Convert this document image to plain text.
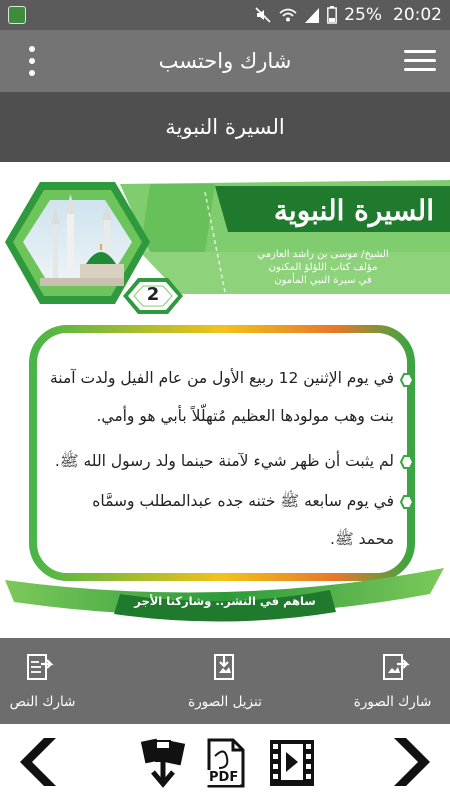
25% 20:02
شارك واحتسب
السيرة النبوية
السيرة النبوية
الشيخ/ موسى بن راشد العازمي
مؤلف كتاب اللؤلؤ المكنون
في سيرة النبي المأمون
2
في يوم الإثنين 12 ربيع الأول من عام الفيل ولدت آمنة
بنت وهب مولودها العظيم مُتهلّلاً بأبي هو وأمي.
لم يثبت أن ظهر شيء لآمنة حينما ولد رسول الله ﷺ.
في يوم سابعه ﷺ ختنه جده عبدالمطلب وسمَّاه
محمد ﷺ.
ساهم في النشر.. وشاركنا الأجر
شارك الصورة
تنزيل الصورة
شارك النص
PDF
